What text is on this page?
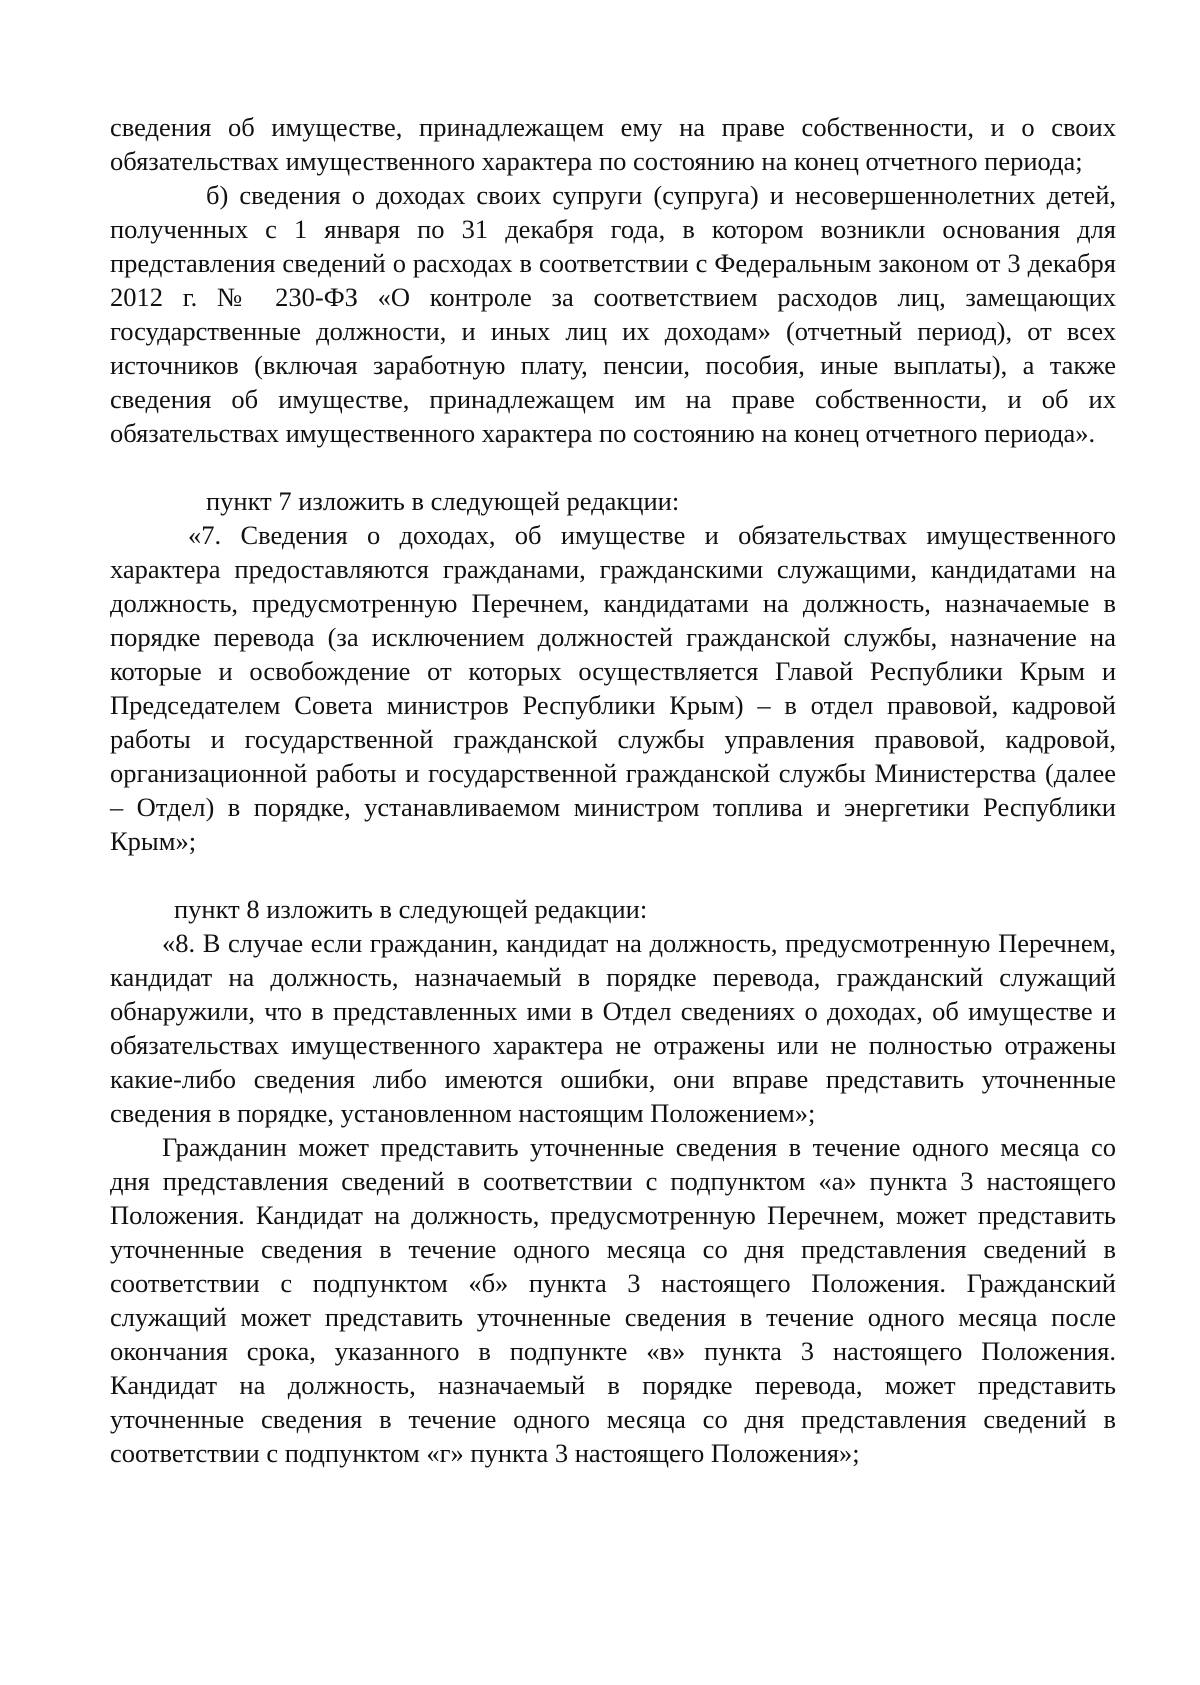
сведения об имуществе, принадлежащем ему на праве собственности, и о своих обязательствах имущественного характера по состоянию на конец отчетного периода;

б) сведения о доходах своих супруги (супруга) и несовершеннолетних детей, полученных с 1 января по 31 декабря года, в котором возникли основания для представления сведений о расходах в соответствии с Федеральным законом от 3 декабря 2012 г. № 230-ФЗ «О контроле за соответствием расходов лиц, замещающих государственные должности, и иных лиц их доходам» (отчетный период), от всех источников (включая заработную плату, пенсии, пособия, иные выплаты), а также сведения об имуществе, принадлежащем им на праве собственности, и об их обязательствах имущественного характера по состоянию на конец отчетного периода».

пункт 7 изложить в следующей редакции:

«7. Сведения о доходах, об имуществе и обязательствах имущественного характера предоставляются гражданами, гражданскими служащими, кандидатами на должность, предусмотренную Перечнем, кандидатами на должность, назначаемые в порядке перевода (за исключением должностей гражданской службы, назначение на которые и освобождение от которых осуществляется Главой Республики Крым и Председателем Совета министров Республики Крым) – в отдел правовой, кадровой работы и государственной гражданской службы управления правовой, кадровой, организационной работы и государственной гражданской службы Министерства (далее – Отдел) в порядке, устанавливаемом министром топлива и энергетики Республики Крым»;

пункт 8 изложить в следующей редакции:

«8. В случае если гражданин, кандидат на должность, предусмотренную Перечнем, кандидат на должность, назначаемый в порядке перевода, гражданский служащий обнаружили, что в представленных ими в Отдел сведениях о доходах, об имуществе и обязательствах имущественного характера не отражены или не полностью отражены какие-либо сведения либо имеются ошибки, они вправе представить уточненные сведения в порядке, установленном настоящим Положением»;

Гражданин может представить уточненные сведения в течение одного месяца со дня представления сведений в соответствии с подпунктом «а» пункта 3 настоящего Положения. Кандидат на должность, предусмотренную Перечнем, может представить уточненные сведения в течение одного месяца со дня представления сведений в соответствии с подпунктом «б» пункта 3 настоящего Положения. Гражданский служащий может представить уточненные сведения в течение одного месяца после окончания срока, указанного в подпункте «в» пункта 3 настоящего Положения. Кандидат на должность, назначаемый в порядке перевода, может представить уточненные сведения в течение одного месяца со дня представления сведений в соответствии с подпунктом «г» пункта 3 настоящего Положения»;
